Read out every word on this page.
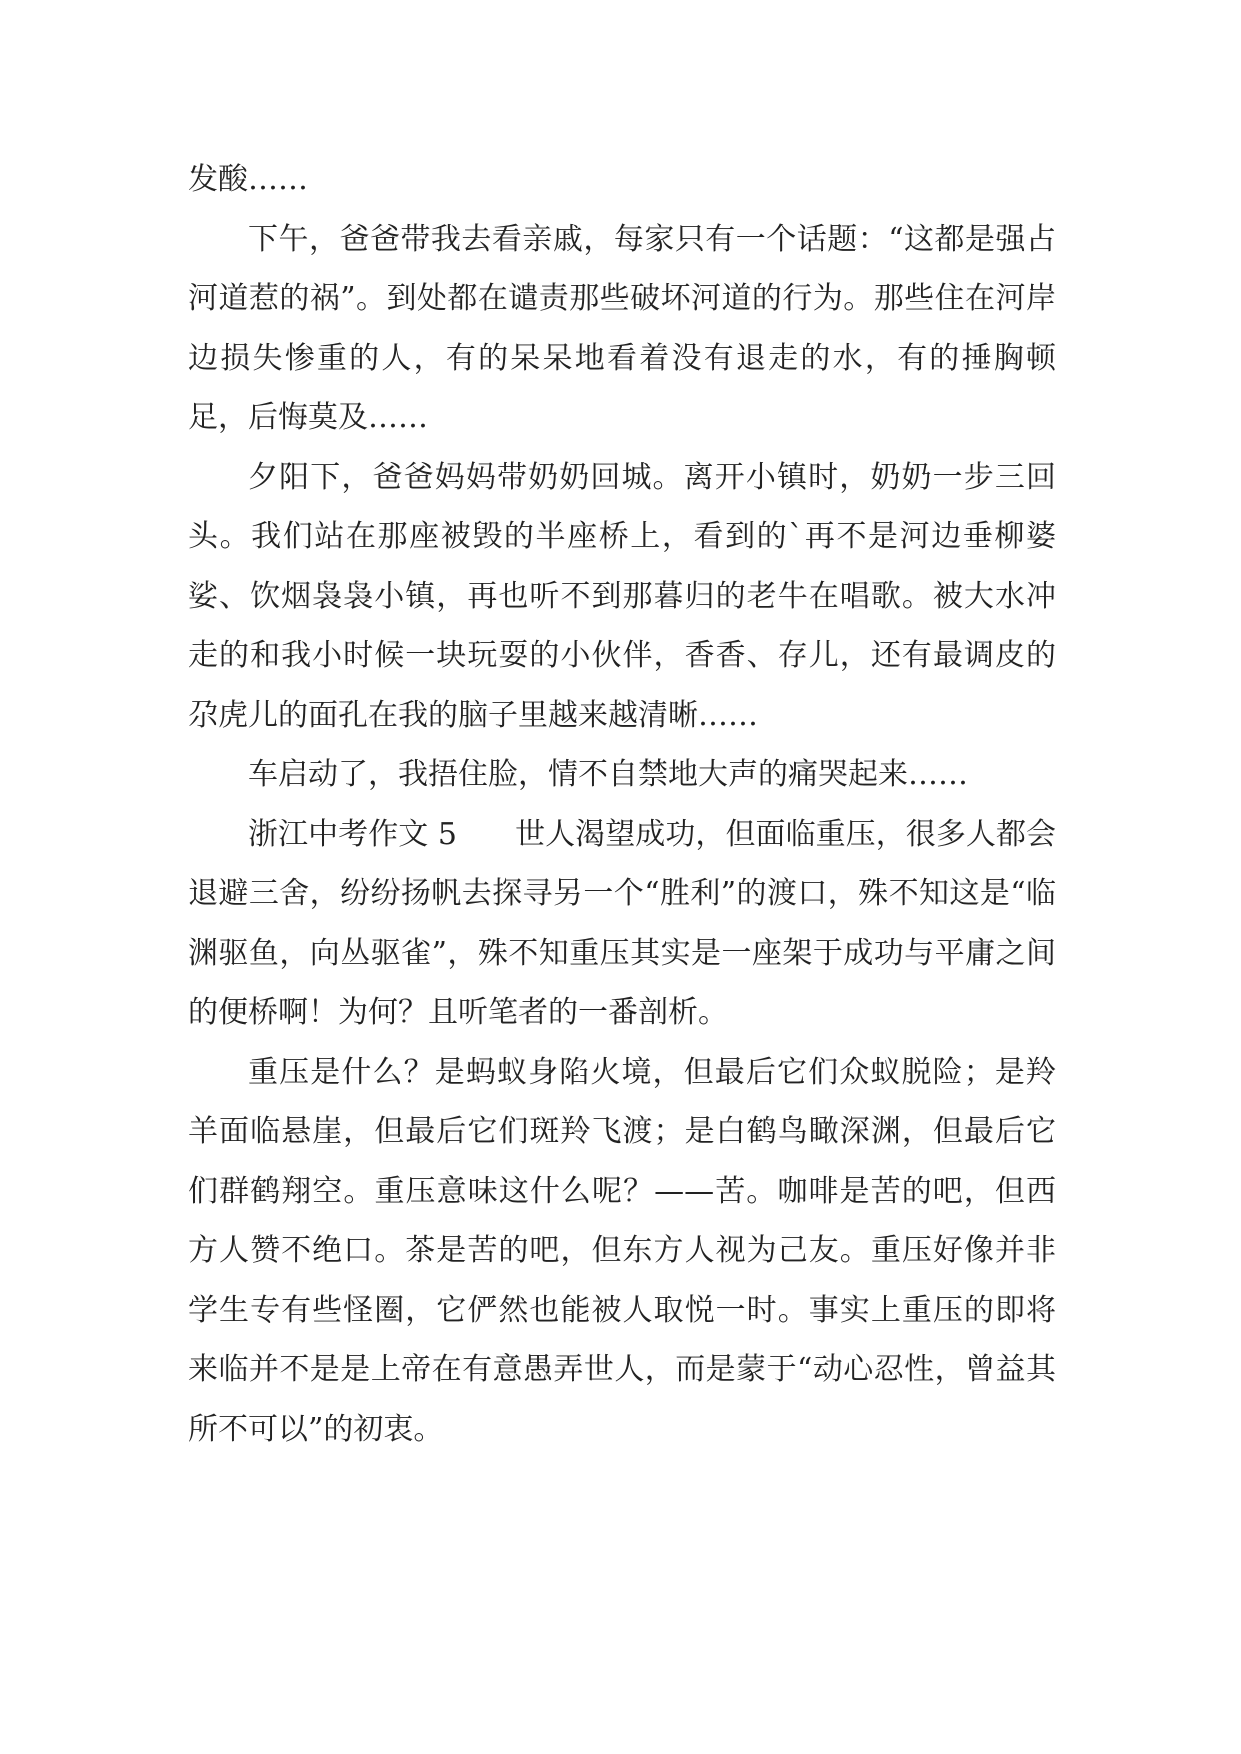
发酸……

下午，爸爸带我去看亲戚，每家只有一个话题：“这都是强占河道惹的祸”。到处都在谴责那些破坏河道的行为。那些住在河岸边损失惨重的人，有的呆呆地看着没有退走的水，有的捶胸顿足，后悔莫及……

夕阳下，爸爸妈妈带奶奶回城。离开小镇时，奶奶一步三回头。我们站在那座被毁的半座桥上，看到的`再不是河边垂柳婆娑、饮烟袅袅小镇，再也听不到那暮归的老牛在唱歌。被大水冲走的和我小时候一块玩耍的小伙伴，香香、存儿，还有最调皮的尕虎儿的面孔在我的脑子里越来越清晰……

车启动了，我捂住脸，情不自禁地大声的痛哭起来……

浙江中考作文 5 世人渴望成功，但面临重压，很多人都会退避三舍，纷纷扬帆去探寻另一个“胜利”的渡口，殊不知这是“临渊驱鱼，向丛驱雀”，殊不知重压其实是一座架于成功与平庸之间的便桥啊！为何？且听笔者的一番剖析。

重压是什么？是蚂蚁身陷火境，但最后它们众蚁脱险；是羚羊面临悬崖，但最后它们斑羚飞渡；是白鹤鸟瞰深渊，但最后它们群鹤翔空。重压意味这什么呢？——苦。咖啡是苦的吧，但西方人赞不绝口。茶是苦的吧，但东方人视为己友。重压好像并非学生专有些怪圈，它俨然也能被人取悦一时。事实上重压的即将来临并不是是上帝在有意愚弄世人，而是蒙于“动心忍性，曾益其所不可以”的初衷。
